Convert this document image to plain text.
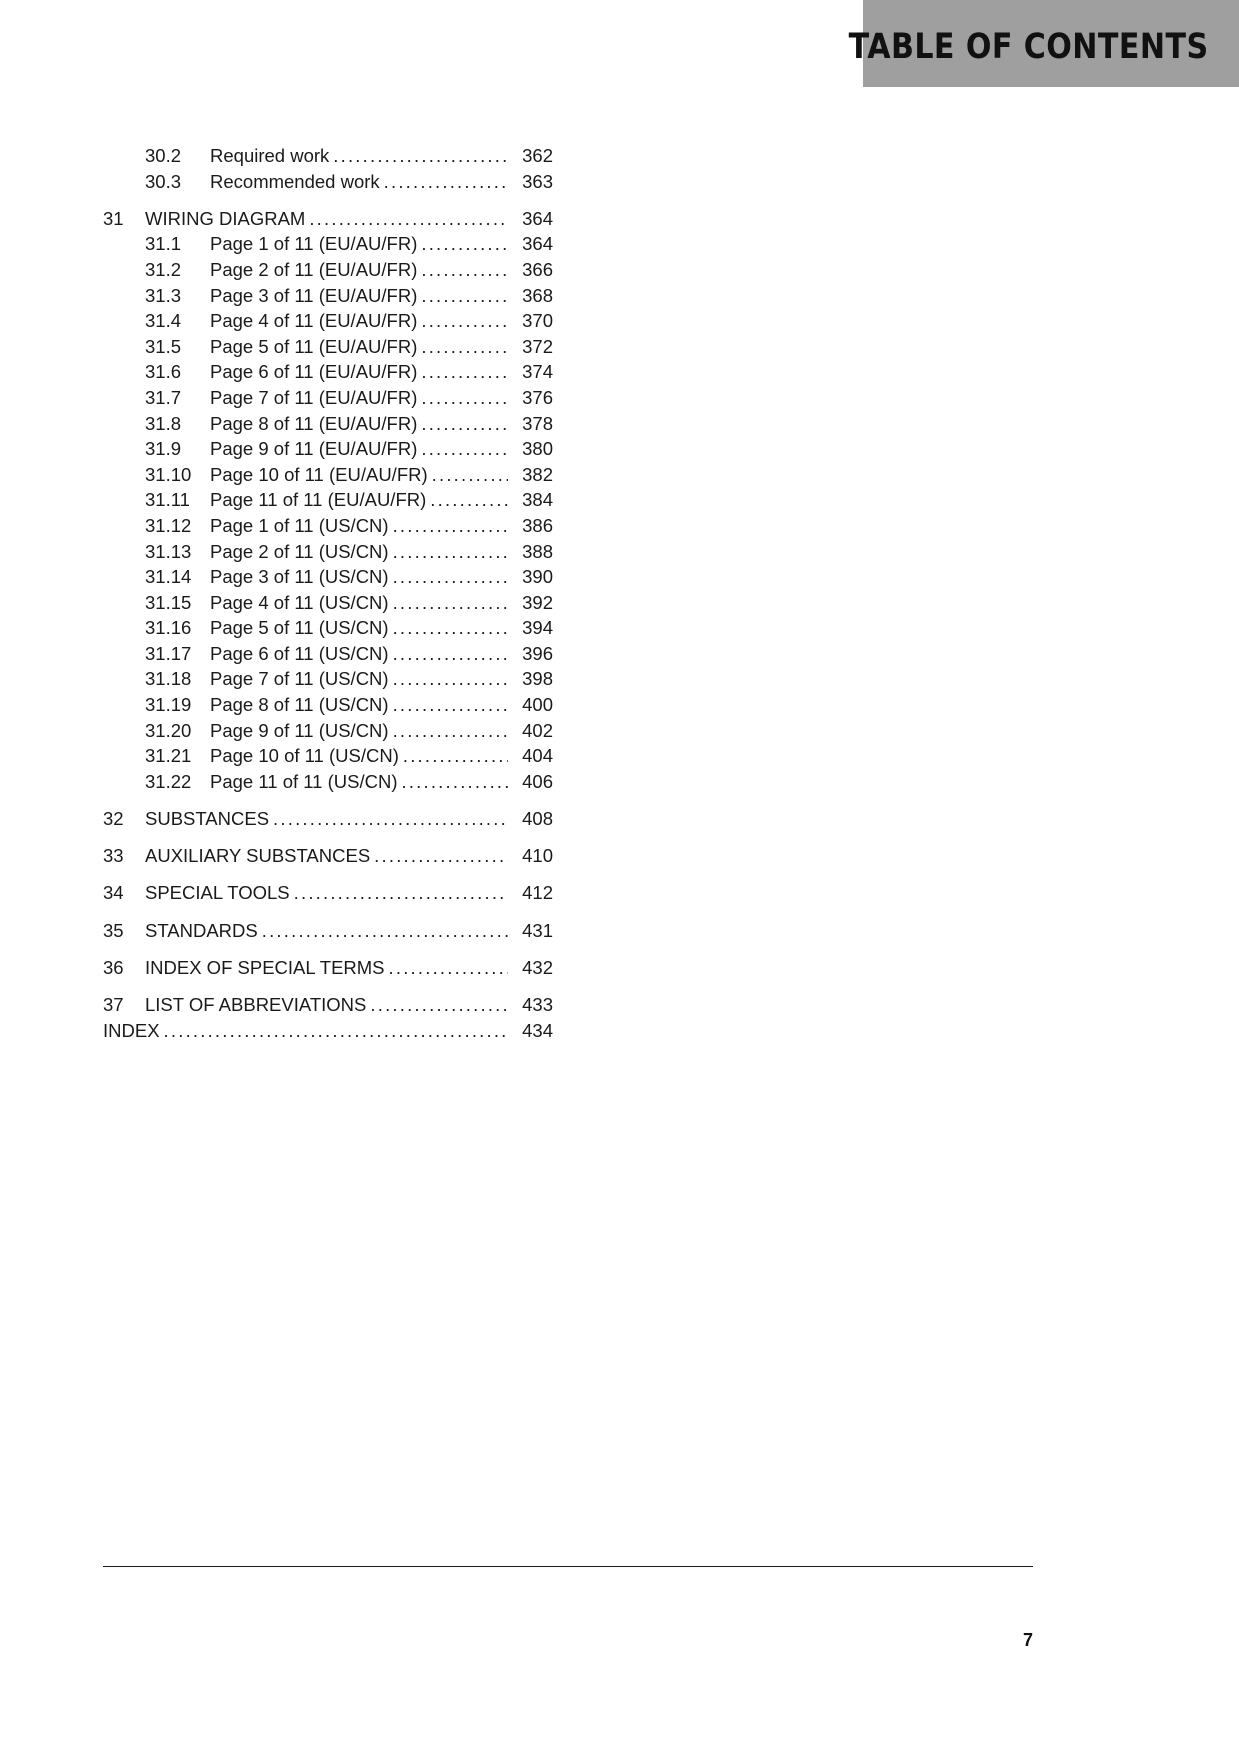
TABLE OF CONTENTS
30.2 Required work .....	362
30.3 Recommended work .....	363
31 WIRING DIAGRAM .....	364
31.1 Page 1 of 11 (EU/AU/FR) .....	364
31.2 Page 2 of 11 (EU/AU/FR) .....	366
31.3 Page 3 of 11 (EU/AU/FR) .....	368
31.4 Page 4 of 11 (EU/AU/FR) .....	370
31.5 Page 5 of 11 (EU/AU/FR) .....	372
31.6 Page 6 of 11 (EU/AU/FR) .....	374
31.7 Page 7 of 11 (EU/AU/FR) .....	376
31.8 Page 8 of 11 (EU/AU/FR) .....	378
31.9 Page 9 of 11 (EU/AU/FR) .....	380
31.10 Page 10 of 11 (EU/AU/FR) .....	382
31.11 Page 11 of 11 (EU/AU/FR) .....	384
31.12 Page 1 of 11 (US/CN) .....	386
31.13 Page 2 of 11 (US/CN) .....	388
31.14 Page 3 of 11 (US/CN) .....	390
31.15 Page 4 of 11 (US/CN) .....	392
31.16 Page 5 of 11 (US/CN) .....	394
31.17 Page 6 of 11 (US/CN) .....	396
31.18 Page 7 of 11 (US/CN) .....	398
31.19 Page 8 of 11 (US/CN) .....	400
31.20 Page 9 of 11 (US/CN) .....	402
31.21 Page 10 of 11 (US/CN) .....	404
31.22 Page 11 of 11 (US/CN) .....	406
32 SUBSTANCES .....	408
33 AUXILIARY SUBSTANCES .....	410
34 SPECIAL TOOLS .....	412
35 STANDARDS .....	431
36 INDEX OF SPECIAL TERMS .....	432
37 LIST OF ABBREVIATIONS .....	433
INDEX .....	434
7
